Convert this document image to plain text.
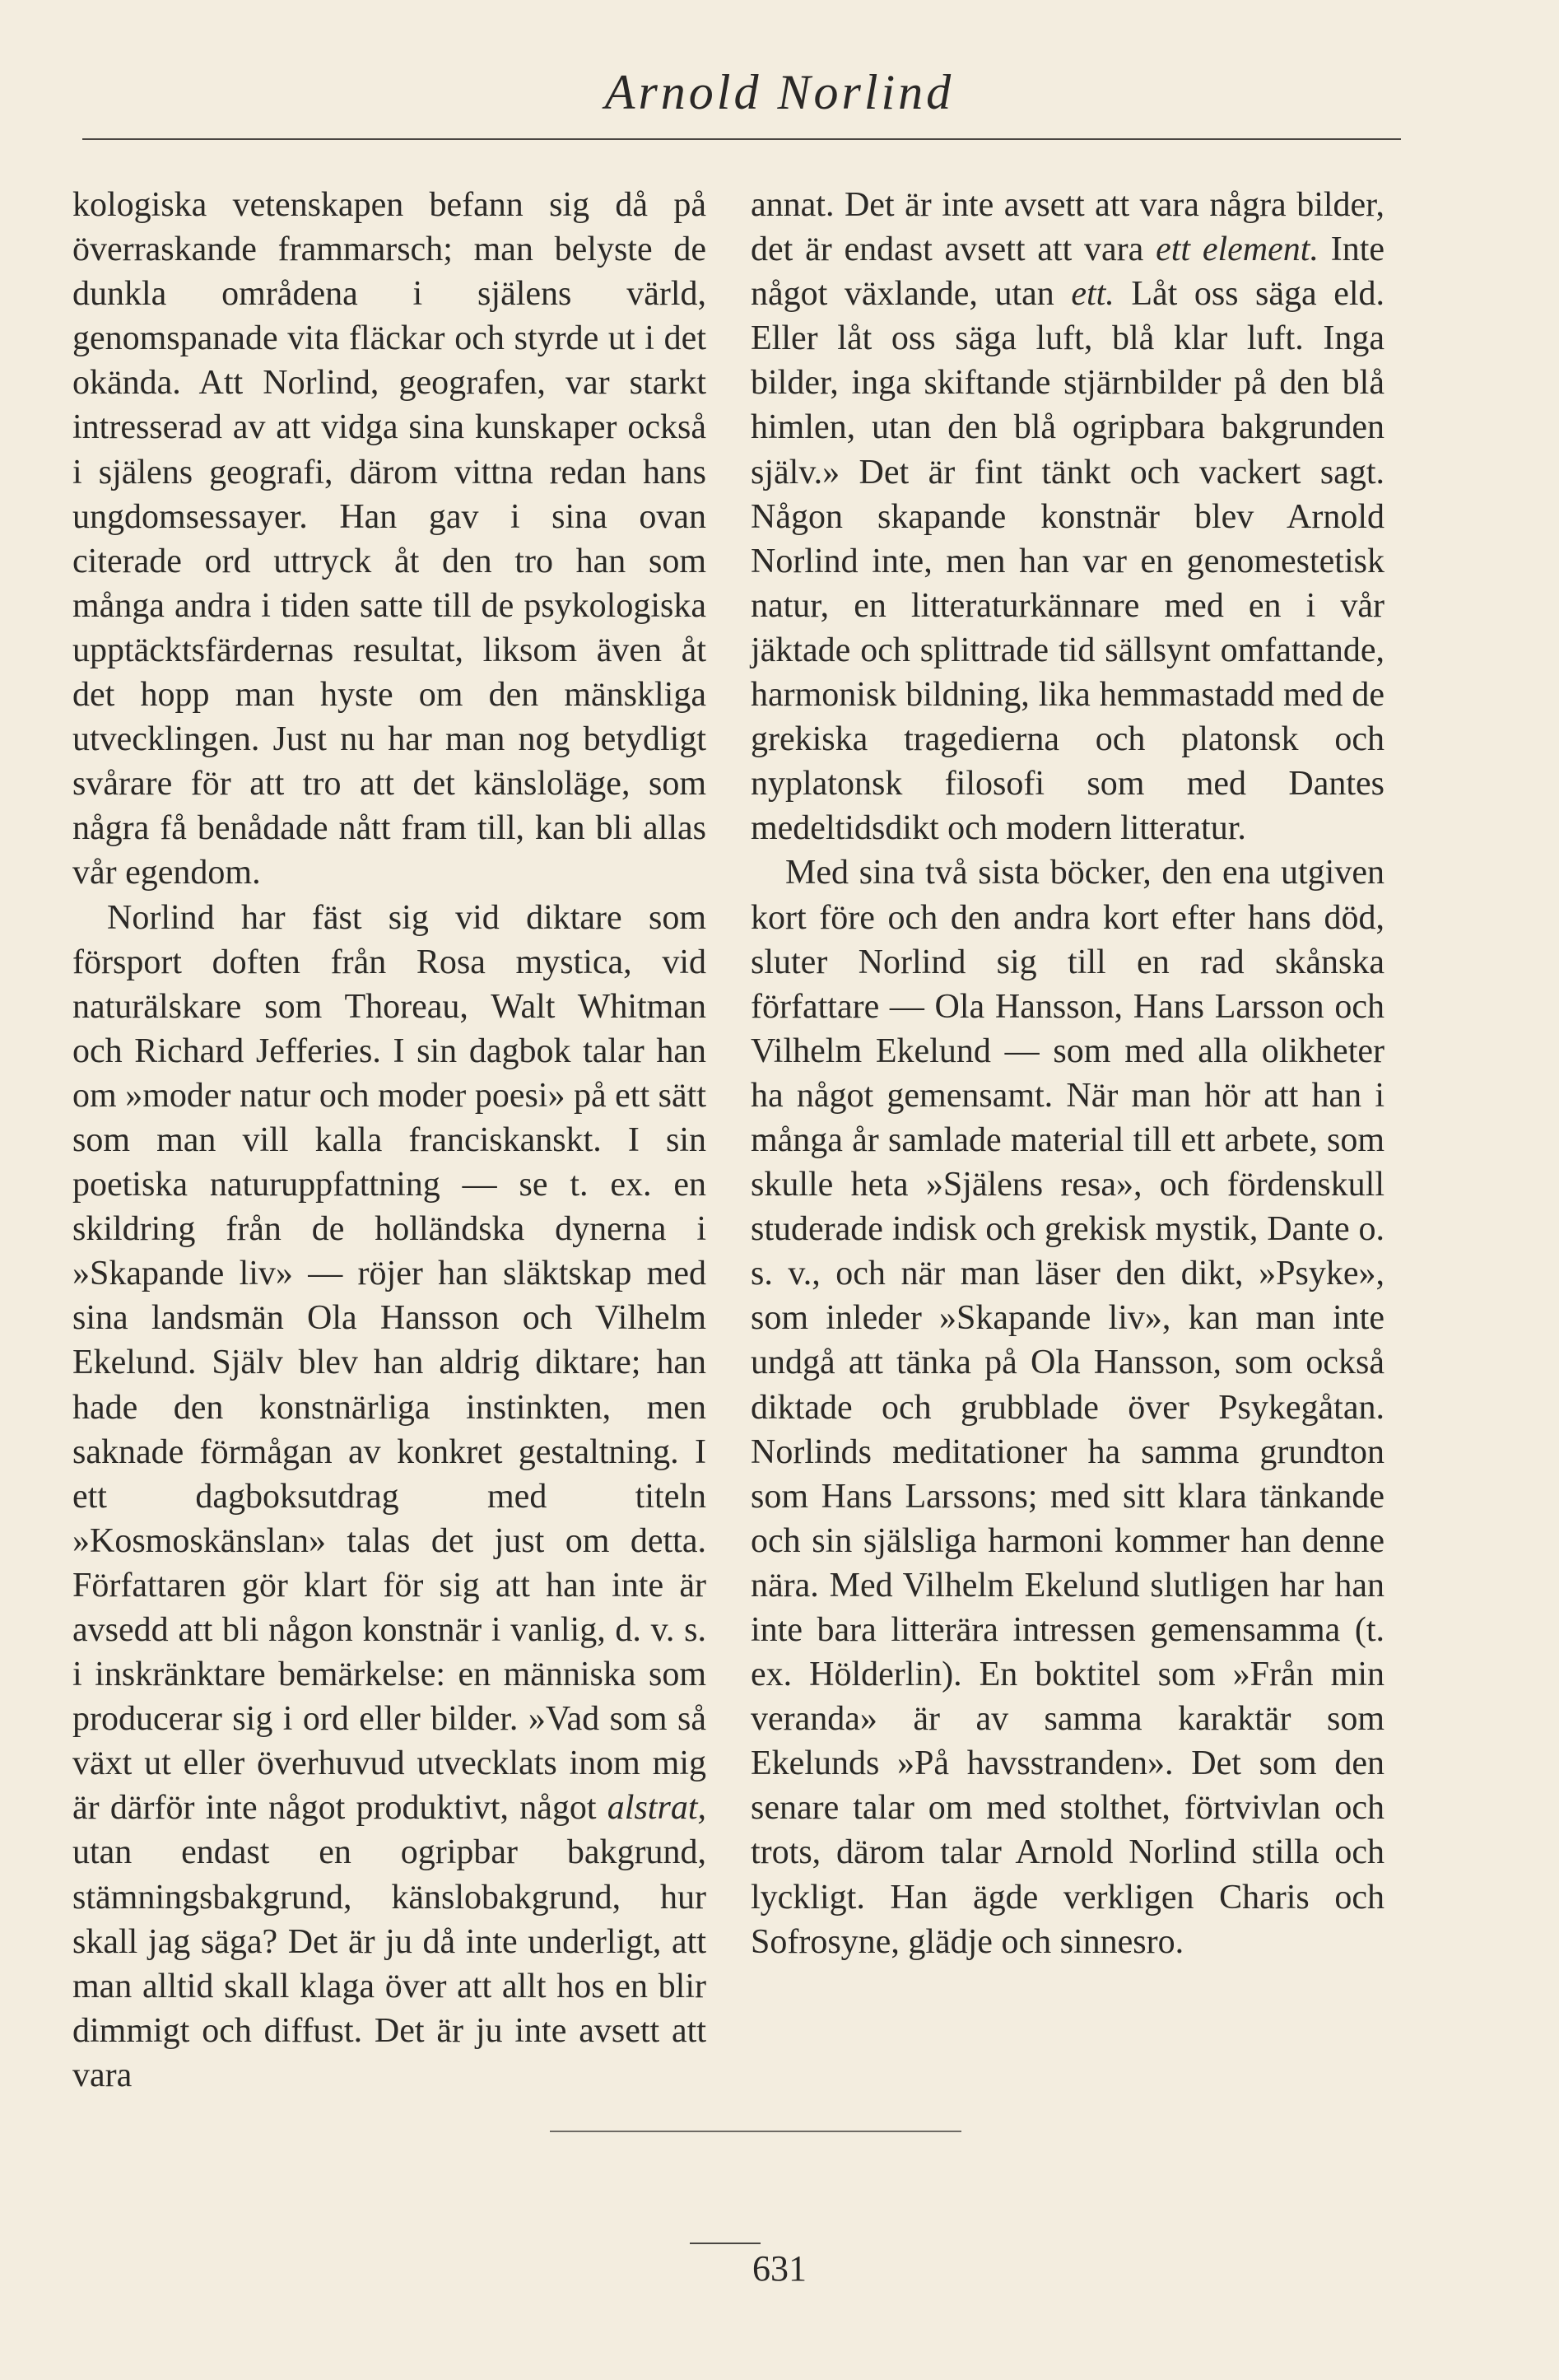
Arnold Norlind

kologiska vetenskapen befann sig då på överraskande frammarsch; man belyste de dunkla områdena i själens värld, genomspanade vita fläckar och styrde ut i det okända. Att Norlind, geografen, var starkt intresserad av att vidga sina kunskaper också i själens geografi, därom vittna redan hans ungdomsessayer. Han gav i sina ovan citerade ord uttryck åt den tro han som många andra i tiden satte till de psykologiska upptäcktsfärdernas resultat, liksom även åt det hopp man hyste om den mänskliga utvecklingen. Just nu har man nog betydligt svårare för att tro att det känsloläge, som några få benådade nått fram till, kan bli allas vår egendom.

Norlind har fäst sig vid diktare som försport doften från Rosa mystica, vid naturälskare som Thoreau, Walt Whitman och Richard Jefferies. I sin dagbok talar han om »moder natur och moder poesi» på ett sätt som man vill kalla franciskanskt. I sin poetiska naturuppfattning — se t. ex. en skildring från de holländska dynerna i »Skapande liv» — röjer han släktskap med sina landsmän Ola Hansson och Vilhelm Ekelund. Själv blev han aldrig diktare; han hade den konstnärliga instinkten, men saknade förmågan av konkret gestaltning. I ett dagboksutdrag med titeln »Kosmoskänslan» talas det just om detta. Författaren gör klart för sig att han inte är avsedd att bli någon konstnär i vanlig, d. v. s. i inskränktare bemärkelse: en människa som producerar sig i ord eller bilder. »Vad som så växt ut eller överhuvud utvecklats inom mig är därför inte något produktivt, något alstrat, utan endast en ogripbar bakgrund, stämningsbakgrund, känslobakgrund, hur skall jag säga? Det är ju då inte underligt, att man alltid skall klaga över att allt hos en blir dimmigt och diffust. Det är ju inte avsett att vara

annat. Det är inte avsett att vara några bilder, det är endast avsett att vara ett element. Inte något växlande, utan ett. Låt oss säga eld. Eller låt oss säga luft, blå klar luft. Inga bilder, inga skiftande stjärnbilder på den blå himlen, utan den blå ogripbara bakgrunden själv.» Det är fint tänkt och vackert sagt. Någon skapande konstnär blev Arnold Norlind inte, men han var en genomestetisk natur, en litteraturkännare med en i vår jäktade och splittrade tid sällsynt omfattande, harmonisk bildning, lika hemmastadd med de grekiska tragedierna och platonsk och nyplatonsk filosofi som med Dantes medeltidsdikt och modern litteratur.

Med sina två sista böcker, den ena utgiven kort före och den andra kort efter hans död, sluter Norlind sig till en rad skånska författare — Ola Hansson, Hans Larsson och Vilhelm Ekelund — som med alla olikheter ha något gemensamt. När man hör att han i många år samlade material till ett arbete, som skulle heta »Själens resa», och fördenskull studerade indisk och grekisk mystik, Dante o. s. v., och när man läser den dikt, »Psyke», som inleder »Skapande liv», kan man inte undgå att tänka på Ola Hansson, som också diktade och grubblade över Psykegåtan. Norlinds meditationer ha samma grundton som Hans Larssons; med sitt klara tänkande och sin själsliga harmoni kommer han denne nära. Med Vilhelm Ekelund slutligen har han inte bara litterära intressen gemensamma (t. ex. Hölderlin). En boktitel som »Från min veranda» är av samma karaktär som Ekelunds »På havsstranden». Det som den senare talar om med stolthet, förtvivlan och trots, därom talar Arnold Norlind stilla och lyckligt. Han ägde verkligen Charis och Sofrosyne, glädje och sinnesro.

631
